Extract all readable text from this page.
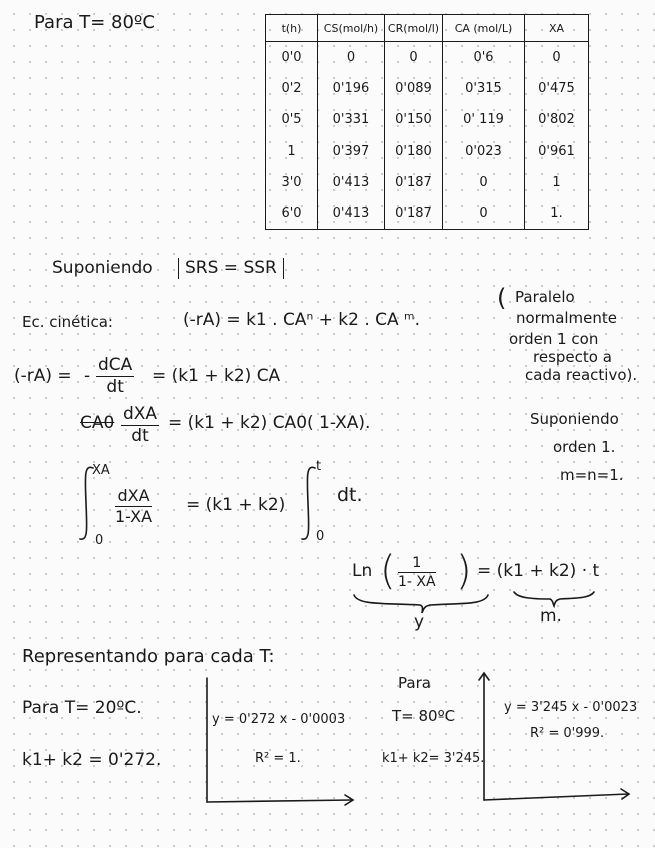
Para T= 80ºC	t(h)	CS(mol/h)	CR(mol/l)	CA (mol/L)	XA
0'0	0	0	0'6	0
0'2	0'196	0'089	0'315	0'475
0'5	0'331	0'150	0' 119	0'802
1	0'397	0'180	0'023	0'961
3'0	0'413	0'187	0	1
6'0	0'413	0'187	0	1.
Suponiendo	SRS = SSR
Ec. cinética:	(-rA) = k1 . CAⁿ + k2 . CA ᵐ.
( Paralelo
normalmente
orden 1 con
respecto a
cada reactivo).
(-rA) = -
dCA
dt
= (k1 + k2) CA
CA0 dXA
dt
= (k1 + k2) CA0( 1-XA).	Suponiendo
orden 1.
m=n=1.
XA
0
dXA
1-XA
= (k1 + k2)
t
0
dt.
Ln ( $\frac{1}{1- XA}$ ) = (k1 + k2) · t
y	m.
Representando para cada T:
Para T= 20ºC.
k1+ k2 = 0'272.
y = 0'272 x - 0'0003
R² = 1.
Para
T= 80ºC
k1+ k2= 3'245.
y = 3'245 x - 0'0023
R² = 0'999.
